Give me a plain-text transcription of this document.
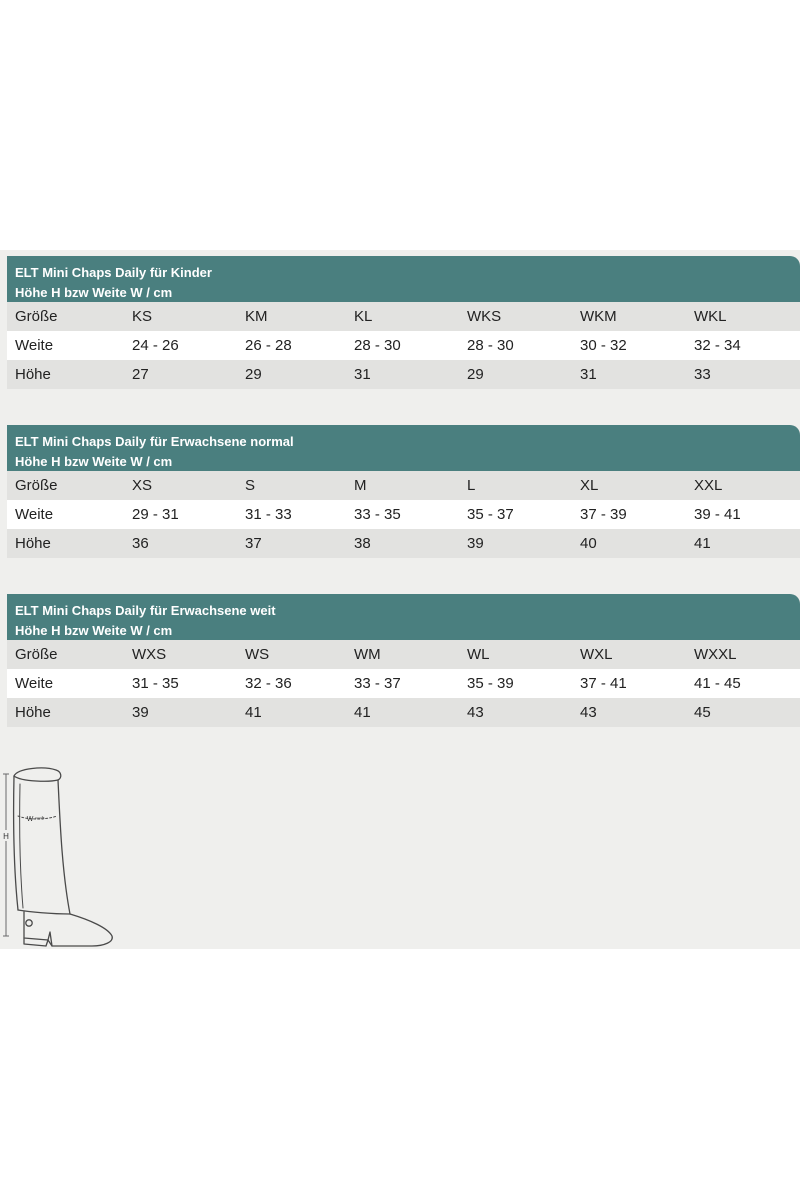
ELT Mini Chaps Daily für Kinder
Höhe H bzw Weite W / cm
Größe	KS	KM	KL	WKS	WKM	WKL
Weite	24 - 26	26 - 28	28 - 30	28 - 30	30 - 32	32 - 34
Höhe	27	29	31	29	31	33
ELT Mini Chaps Daily für Erwachsene normal
Höhe H bzw Weite W / cm
Größe	XS	S	M	L	XL	XXL
Weite	29 - 31	31 - 33	33 - 35	35 - 37	37 - 39	39 - 41
Höhe	36	37	38	39	40	41
ELT Mini Chaps Daily für Erwachsene weit
Höhe H bzw Weite W / cm
Größe	WXS	WS	WM	WL	WXL	WXXL
Weite	31 - 35	32 - 36	33 - 37	35 - 39	37 - 41	41 - 45
Höhe	39	41	41	43	43	45
H
W
